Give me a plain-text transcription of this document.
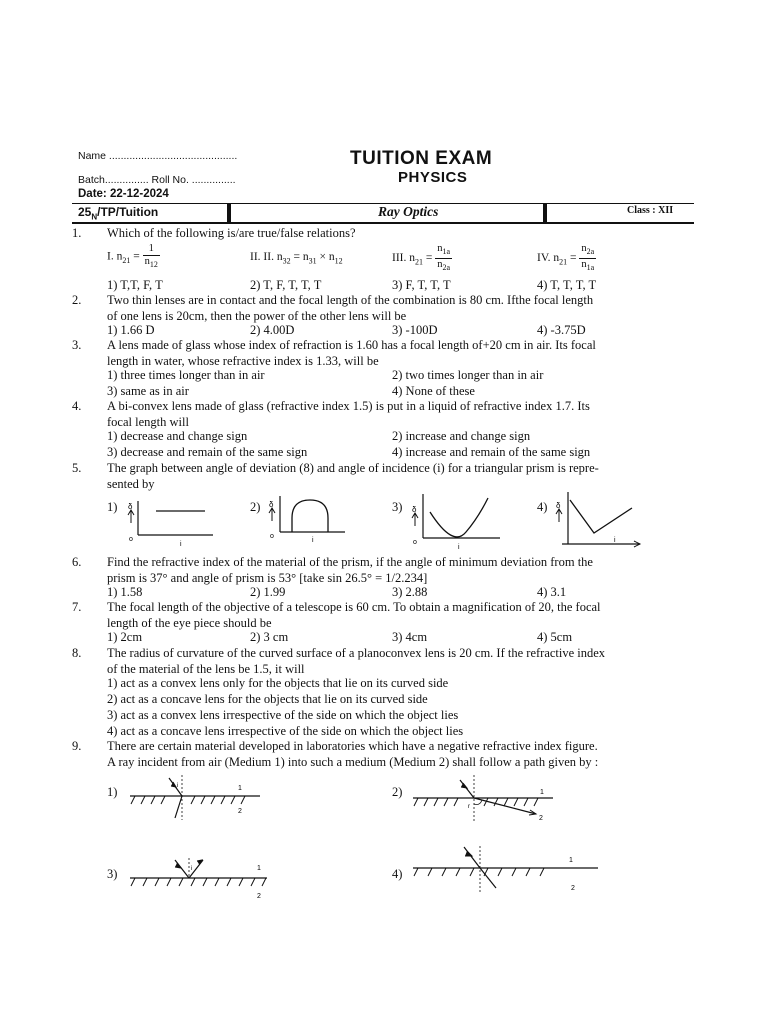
Name ............................................
Batch............... Roll No. ...............
Date: 22-12-2024
TUITION EXAM
PHYSICS
$25_N/TP$/Tuition	Ray Optics	Class : XII
1. Which of the following is/are true/false relations?
I. $n_{21} = \frac{1}{n_{12}}$	II. II. $n_{32} = n_{31} \times n_{12}$	III. $n_{21} = \frac{n_{1a}}{n_{2a}}$	IV. $n_{21} = \frac{n_{2a}}{n_{1a}}$
1) T,T, F, T	2) T, F, T, T, T	3) F, T, T, T	4) T, T, T, T
2. Two thin lenses are in contact and the focal length of the combination is 80 cm. Ifthe focal length
of one lens is 20cm, then the power of the other lens will be
1) 1.66 D	2) 4.00D	3) -100D	4) -3.75D
3. A lens made of glass whose index of refraction is 1.60 has a focal length of+20 cm in air. Its focal
length in water, whose refractive index is 1.33, will be
1) three times longer than in air	2) two times longer than in air
3) same as in air	4) None of these
4. A bi-convex lens made of glass (refractive index 1.5) is put in a liquid of refractive index 1.7. Its
focal length will
1) decrease and change sign	2) increase and change sign
3) decrease and remain of the same sign	4) increase and remain of the same sign
5. The graph between angle of deviation (8) and angle of incidence (i) for a triangular prism is repre-
sented by
1) δ
o
i
2) δ
o
i
3) δ
o
i
4) δ
i
6. Find the refractive index of the material of the prism, if the angle of minimum deviation from the
prism is 37° and angle of prism is 53° [take sin 26.5° = 1/2.234]
1) 1.58	2) 1.99	3) 2.88	4) 3.1
7. The focal length of the objective of a telescope is 60 cm. To obtain a magnification of 20, the focal
length of the eye piece should be
1) 2cm	2) 3 cm	3) 4cm	4) 5cm
8. The radius of curvature of the curved surface of a planoconvex lens is 20 cm. If the refractive index
of the material of the lens be 1.5, it will
1) act as a convex lens only for the objects that lie on its curved side
2) act as a concave lens for the objects that lie on its curved side
3) act as a convex lens irrespective of the side on which the object lies
4) act as a concave lens irrespective of the side on which the object lies
9. There are certain material developed in laboratories which have a negative refractive index figure.
A ray incident from air (Medium 1) into such a medium (Medium 2) shall follow a path given by :
1)	i	1
2
2)
r
1
2
3)	i	1
2
4)
1
2
